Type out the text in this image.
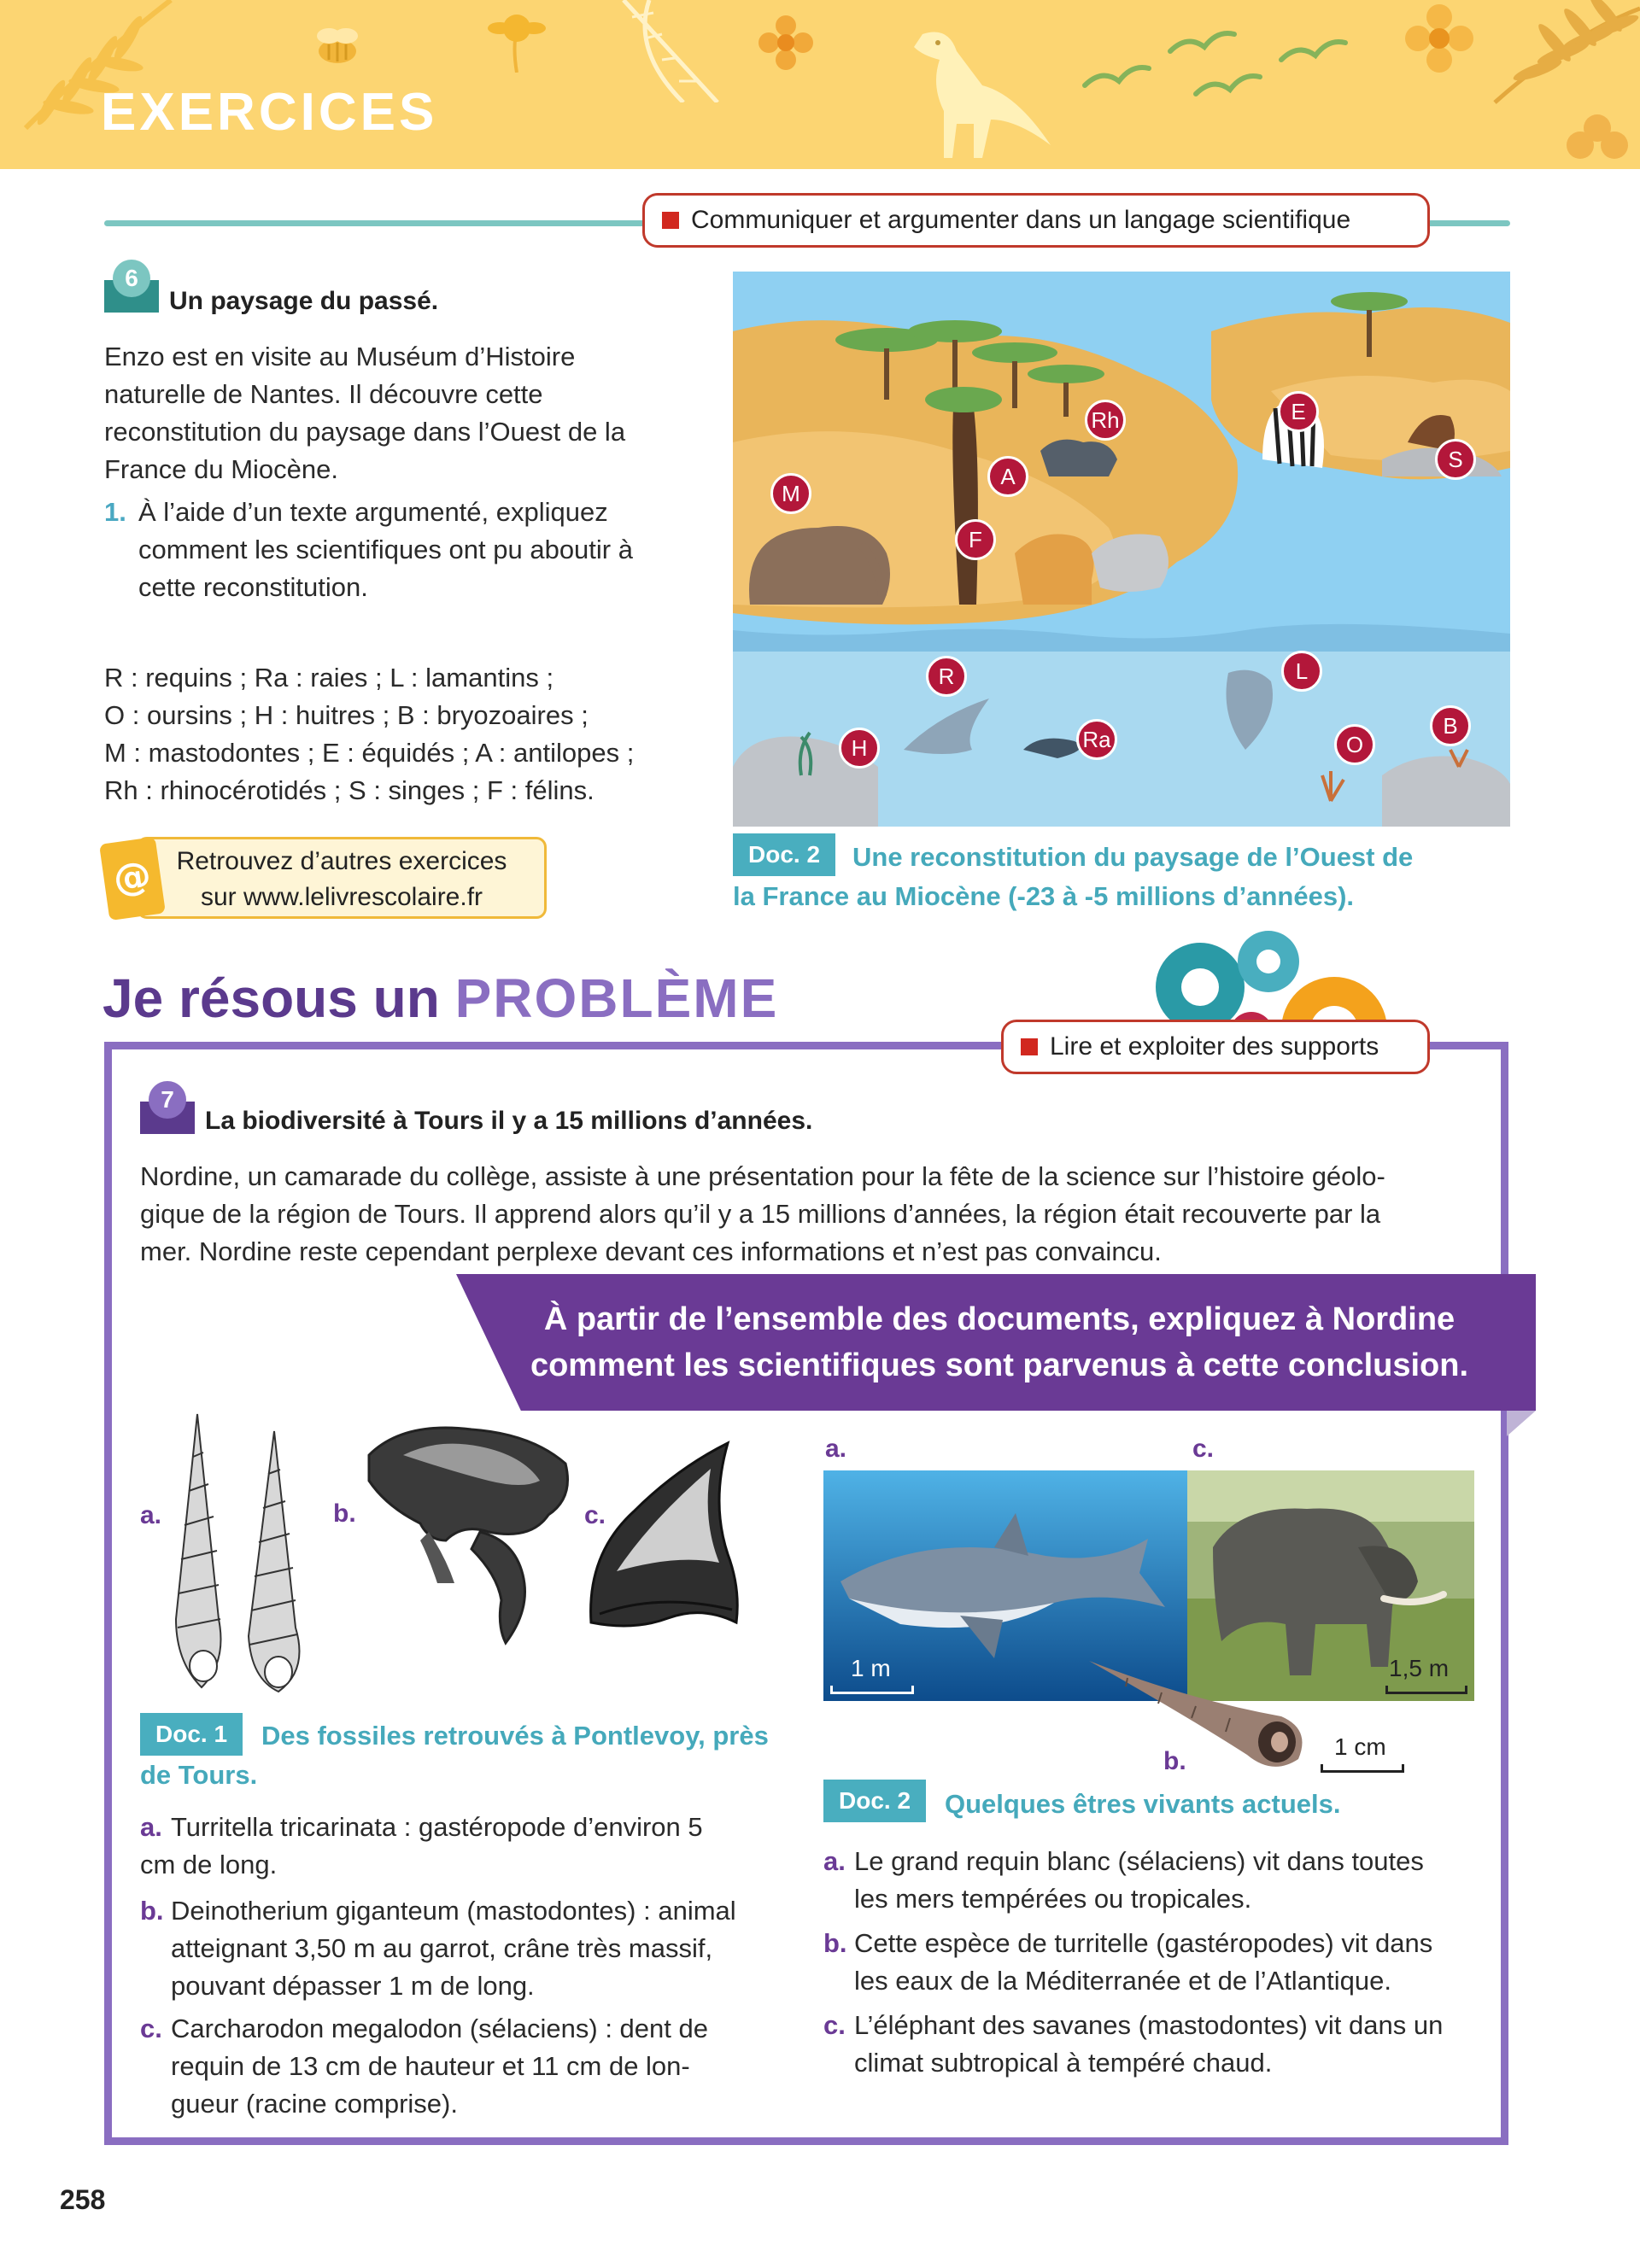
EXERCICES
Communiquer et argumenter dans un langage scientifique
6
Un paysage du passé.
Enzo est en visite au Muséum d’Histoire
naturelle de Nantes. Il découvre cette
reconstitution du paysage dans l’Ouest de la
France du Miocène.
1. À l’aide d’un texte argumenté, expliquez
comment les scientifiques ont pu aboutir à
cette reconstitution.
R : requins ; Ra : raies ; L : lamantins ;
O : oursins ; H : huitres ; B : bryozoaires ;
M : mastodontes ; E : équidés ; A : antilopes ;
Rh : rhinocérotidés ; S : singes ; F : félins.
Retrouvez d’autres exercices
sur www.lelivrescolaire.fr
@
Rh	E
S
M
A
F
R	L
B
Ra	O
H
Doc. 2	Une reconstitution du paysage de l’Ouest de
la France au Miocène (-23 à -5 millions d’années).
Je résous un PROBLÈME
Lire et exploiter des supports
7
La biodiversité à Tours il y a 15 millions d’années.
Nordine, un camarade du collège, assiste à une présentation pour la fête de la science sur l’histoire géolo-
gique de la région de Tours. Il apprend alors qu’il y a 15 millions d’années, la région était recouverte par la
mer. Nordine reste cependant perplexe devant ces informations et n’est pas convaincu.
À partir de l’ensemble des documents, expliquez à Nordine
comment les scientifiques sont parvenus à cette conclusion.
a.	b.	c.
Doc. 1	Des fossiles retrouvés à Pontlevoy, près
de Tours.
a. Turritella tricarinata : gastéropode d’environ 5
cm de long.
b. Deinotherium giganteum (mastodontes) : animal
atteignant 3,50 m au garrot, crâne très massif,
pouvant dépasser 1 m de long.
c. Carcharodon megalodon (sélaciens) : dent de
requin de 13 cm de hauteur et 11 cm de lon-
gueur (racine comprise).
a.	c.
1 m	1,5 m
b.
1 cm
Doc. 2	Quelques êtres vivants actuels.
a. Le grand requin blanc (sélaciens) vit dans toutes
les mers tempérées ou tropicales.
b. Cette espèce de turritelle (gastéropodes) vit dans
les eaux de la Méditerranée et de l’Atlantique.
c. L’éléphant des savanes (mastodontes) vit dans un
climat subtropical à tempéré chaud.
258
